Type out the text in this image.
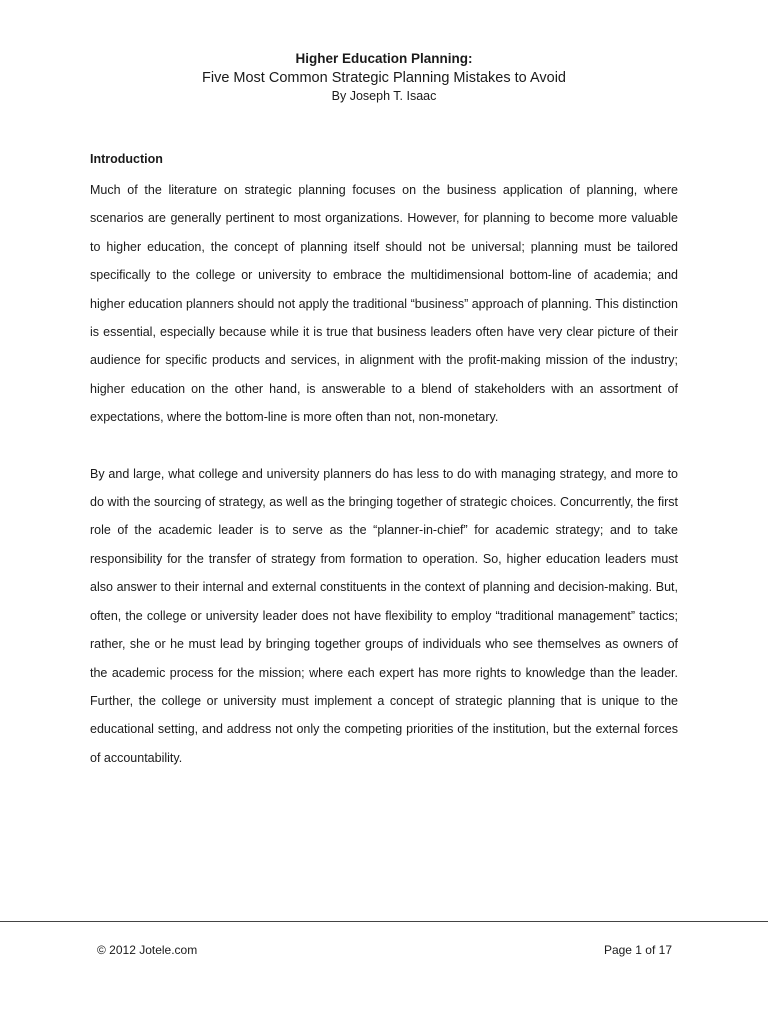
Higher Education Planning:

Five Most Common Strategic Planning Mistakes to Avoid

By Joseph T. Isaac

Introduction

Much of the literature on strategic planning focuses on the business application of planning, where scenarios are generally pertinent to most organizations. However, for planning to become more valuable to higher education, the concept of planning itself should not be universal; planning must be tailored specifically to the college or university to embrace the multidimensional bottom-line of academia; and higher education planners should not apply the traditional “business” approach of planning. This distinction is essential, especially because while it is true that business leaders often have very clear picture of their audience for specific products and services, in alignment with the profit-making mission of the industry; higher education on the other hand, is answerable to a blend of stakeholders with an assortment of expectations, where the bottom-line is more often than not, non-monetary.

By and large, what college and university planners do has less to do with managing strategy, and more to do with the sourcing of strategy, as well as the bringing together of strategic choices. Concurrently, the first role of the academic leader is to serve as the “planner-in-chief” for academic strategy; and to take responsibility for the transfer of strategy from formation to operation. So, higher education leaders must also answer to their internal and external constituents in the context of planning and decision-making. But, often, the college or university leader does not have flexibility to employ “traditional management” tactics; rather, she or he must lead by bringing together groups of individuals who see themselves as owners of the academic process for the mission; where each expert has more rights to knowledge than the leader. Further, the college or university must implement a concept of strategic planning that is unique to the educational setting, and address not only the competing priorities of the institution, but the external forces of accountability.

© 2012 Jotele.com	Page 1 of 17
